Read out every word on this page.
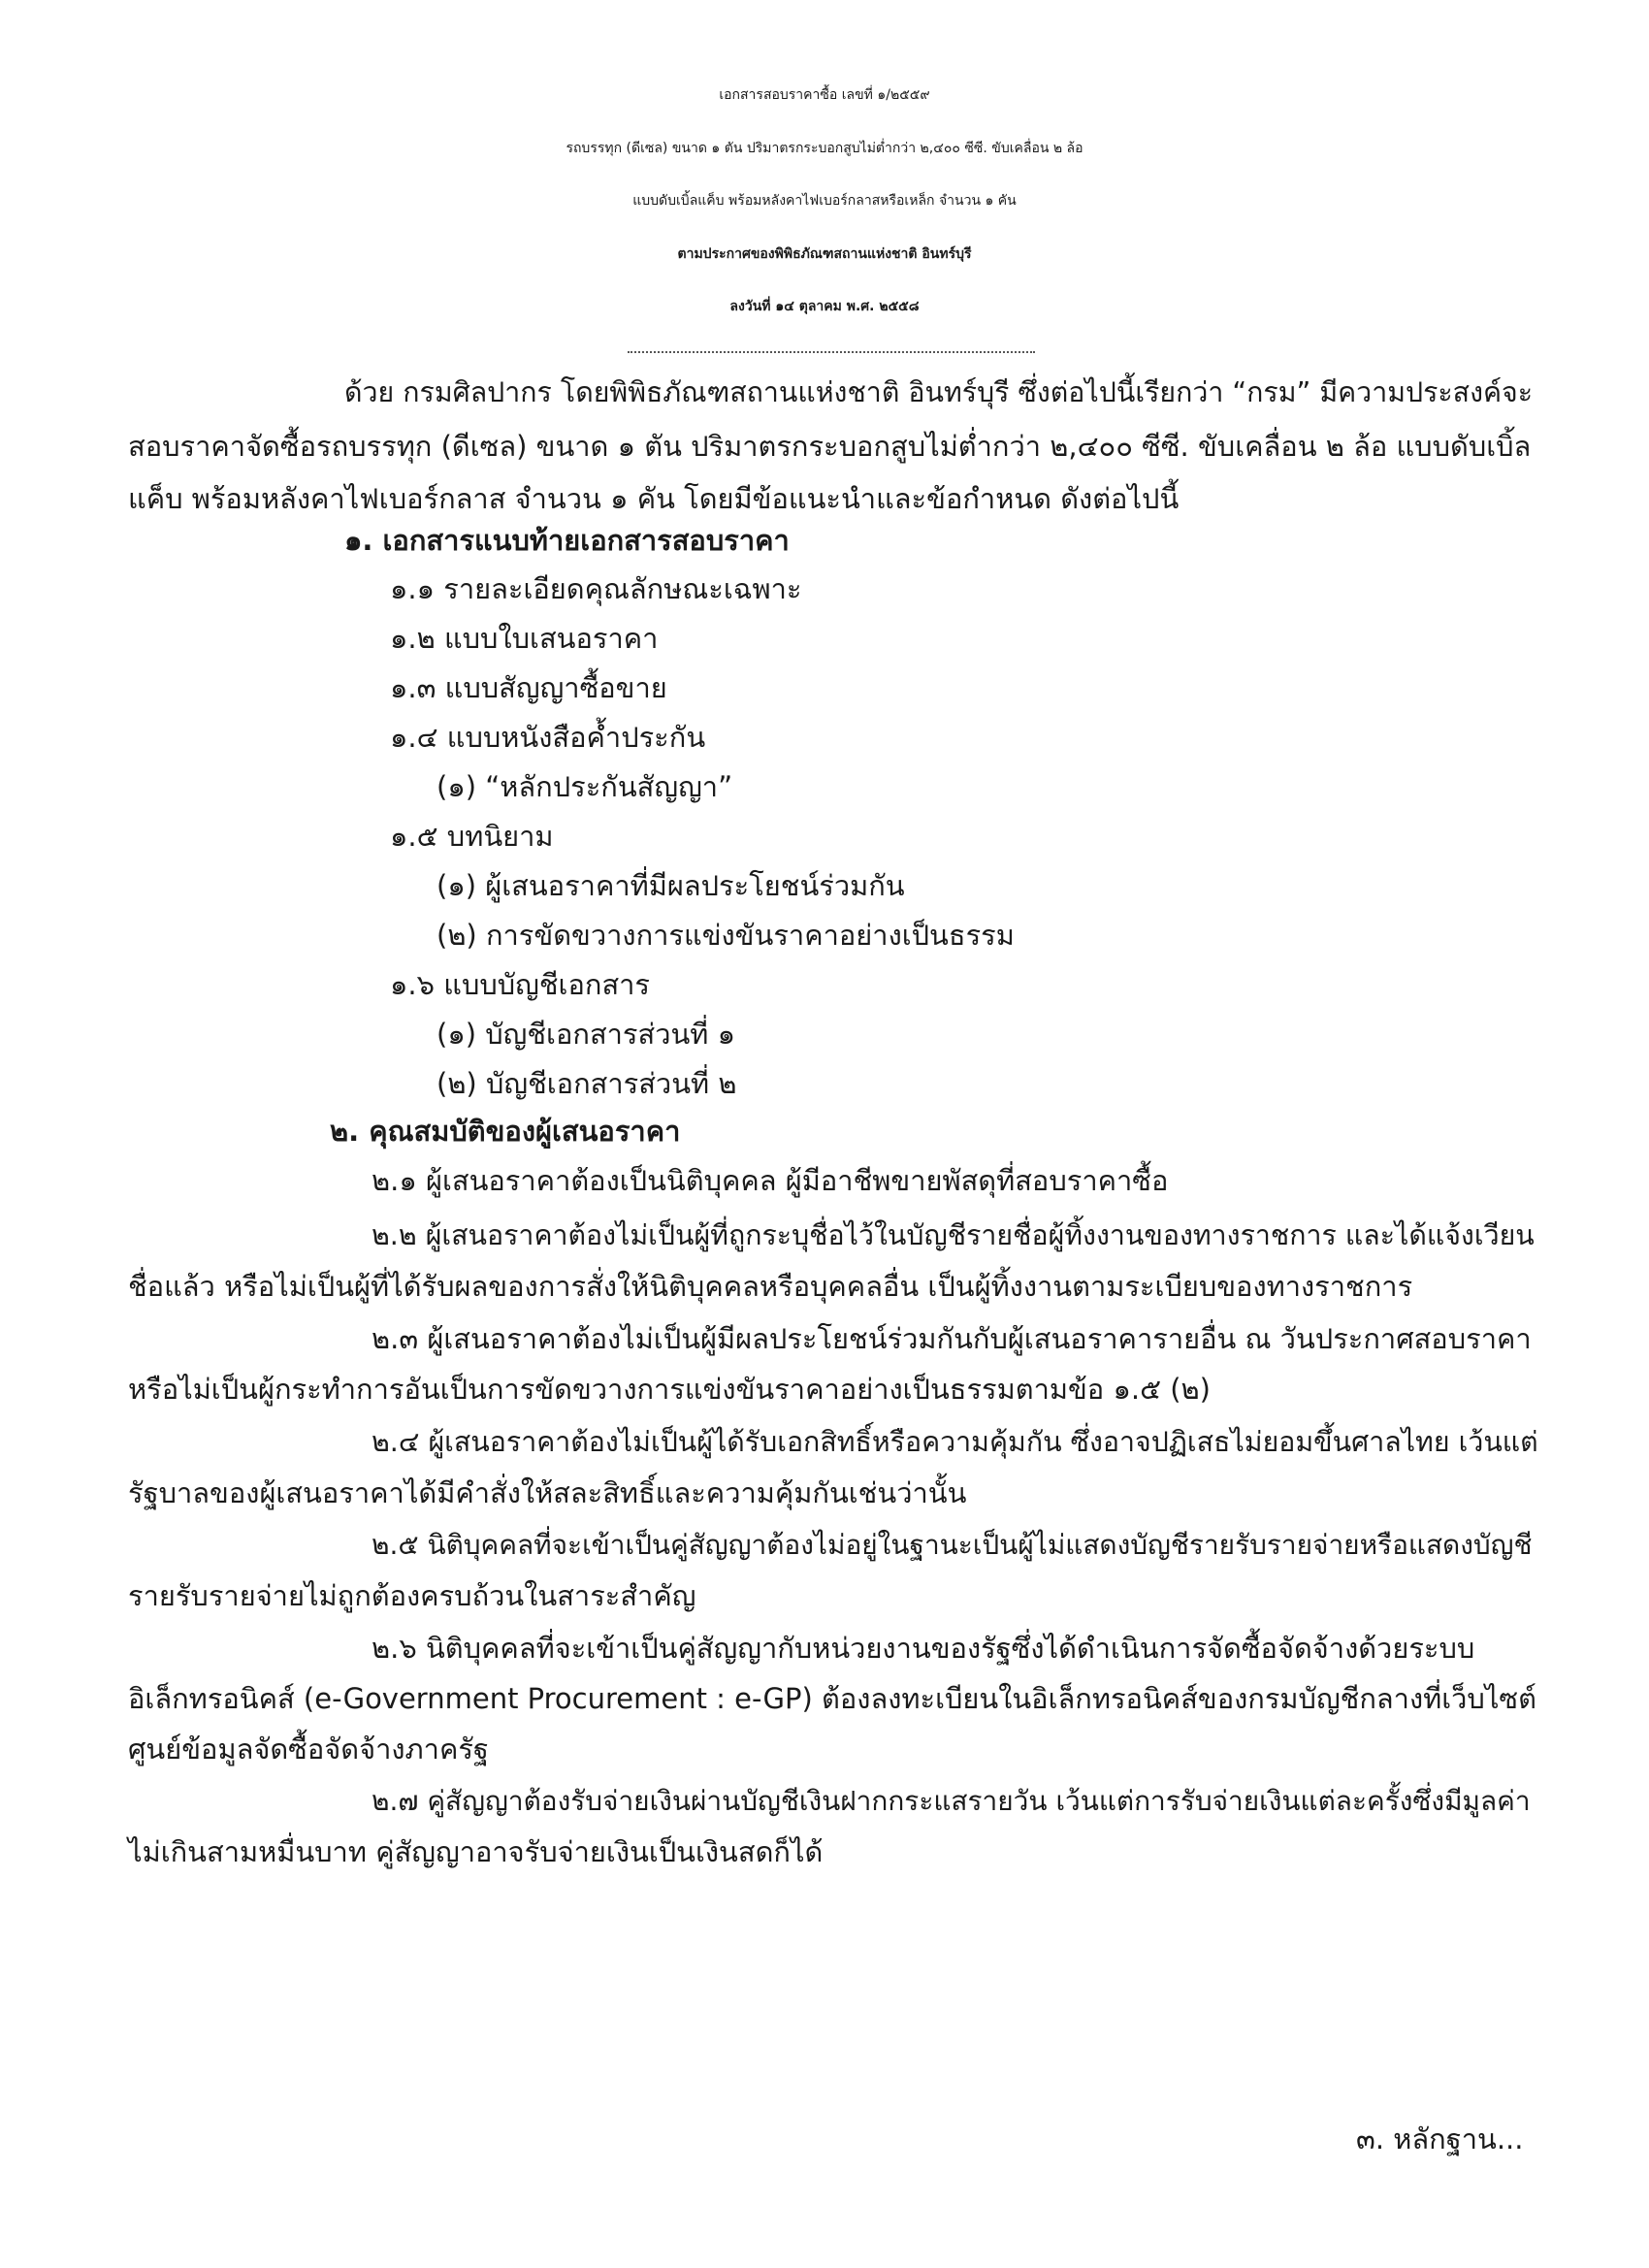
เอกสารสอบราคาซื้อ เลขที่ ๑/๒๕๕๙
รถบรรทุก (ดีเซล) ขนาด ๑ ตัน ปริมาตรกระบอกสูบไม่ต่ำกว่า ๒,๔๐๐ ซีซี. ขับเคลื่อน ๒ ล้อ
แบบดับเบิ้ลแค็บ พร้อมหลังคาไฟเบอร์กลาสหรือเหล็ก จำนวน ๑ คัน
ตามประกาศของพิพิธภัณฑสถานแห่งชาติ อินทร์บุรี
ลงวันที่ ๑๔ ตุลาคม พ.ศ. ๒๕๕๘
ด้วย กรมศิลปากร โดยพิพิธภัณฑสถานแห่งชาติ อินทร์บุรี ซึ่งต่อไปนี้เรียกว่า “กรม” มีความประสงค์จะ
สอบราคาจัดซื้อรถบรรทุก (ดีเซล) ขนาด ๑ ตัน ปริมาตรกระบอกสูบไม่ต่ำกว่า ๒,๔๐๐ ซีซี. ขับเคลื่อน ๒ ล้อ แบบดับเบิ้ล
แค็บ พร้อมหลังคาไฟเบอร์กลาส จำนวน ๑ คัน โดยมีข้อแนะนำและข้อกำหนด ดังต่อไปนี้
๑. เอกสารแนบท้ายเอกสารสอบราคา
๑.๑ รายละเอียดคุณลักษณะเฉพาะ
๑.๒ แบบใบเสนอราคา
๑.๓ แบบสัญญาซื้อขาย
๑.๔ แบบหนังสือค้ำประกัน
(๑) “หลักประกันสัญญา”
๑.๕ บทนิยาม
(๑) ผู้เสนอราคาที่มีผลประโยชน์ร่วมกัน
(๒) การขัดขวางการแข่งขันราคาอย่างเป็นธรรม
๑.๖ แบบบัญชีเอกสาร
(๑) บัญชีเอกสารส่วนที่ ๑
(๒) บัญชีเอกสารส่วนที่ ๒
๒. คุณสมบัติของผู้เสนอราคา
๒.๑ ผู้เสนอราคาต้องเป็นนิติบุคคล ผู้มีอาชีพขายพัสดุที่สอบราคาซื้อ
๒.๒ ผู้เสนอราคาต้องไม่เป็นผู้ที่ถูกระบุชื่อไว้ในบัญชีรายชื่อผู้ทิ้งงานของทางราชการ และได้แจ้งเวียน
ชื่อแล้ว หรือไม่เป็นผู้ที่ได้รับผลของการสั่งให้นิติบุคคลหรือบุคคลอื่น เป็นผู้ทิ้งงานตามระเบียบของทางราชการ
๒.๓ ผู้เสนอราคาต้องไม่เป็นผู้มีผลประโยชน์ร่วมกันกับผู้เสนอราคารายอื่น ณ วันประกาศสอบราคา
หรือไม่เป็นผู้กระทำการอันเป็นการขัดขวางการแข่งขันราคาอย่างเป็นธรรมตามข้อ ๑.๕ (๒)
๒.๔ ผู้เสนอราคาต้องไม่เป็นผู้ได้รับเอกสิทธิ์หรือความคุ้มกัน ซึ่งอาจปฏิเสธไม่ยอมขึ้นศาลไทย เว้นแต่
รัฐบาลของผู้เสนอราคาได้มีคำสั่งให้สละสิทธิ์และความคุ้มกันเช่นว่านั้น
๒.๕ นิติบุคคลที่จะเข้าเป็นคู่สัญญาต้องไม่อยู่ในฐานะเป็นผู้ไม่แสดงบัญชีรายรับรายจ่ายหรือแสดงบัญชี
รายรับรายจ่ายไม่ถูกต้องครบถ้วนในสาระสำคัญ
๒.๖ นิติบุคคลที่จะเข้าเป็นคู่สัญญากับหน่วยงานของรัฐซึ่งได้ดำเนินการจัดซื้อจัดจ้างด้วยระบบ
อิเล็กทรอนิคส์ (e-Government Procurement : e-GP) ต้องลงทะเบียนในอิเล็กทรอนิคส์ของกรมบัญชีกลางที่เว็บไซต์
ศูนย์ข้อมูลจัดซื้อจัดจ้างภาครัฐ
๒.๗ คู่สัญญาต้องรับจ่ายเงินผ่านบัญชีเงินฝากกระแสรายวัน เว้นแต่การรับจ่ายเงินแต่ละครั้งซึ่งมีมูลค่า
ไม่เกินสามหมื่นบาท คู่สัญญาอาจรับจ่ายเงินเป็นเงินสดก็ได้
๓. หลักฐาน...
